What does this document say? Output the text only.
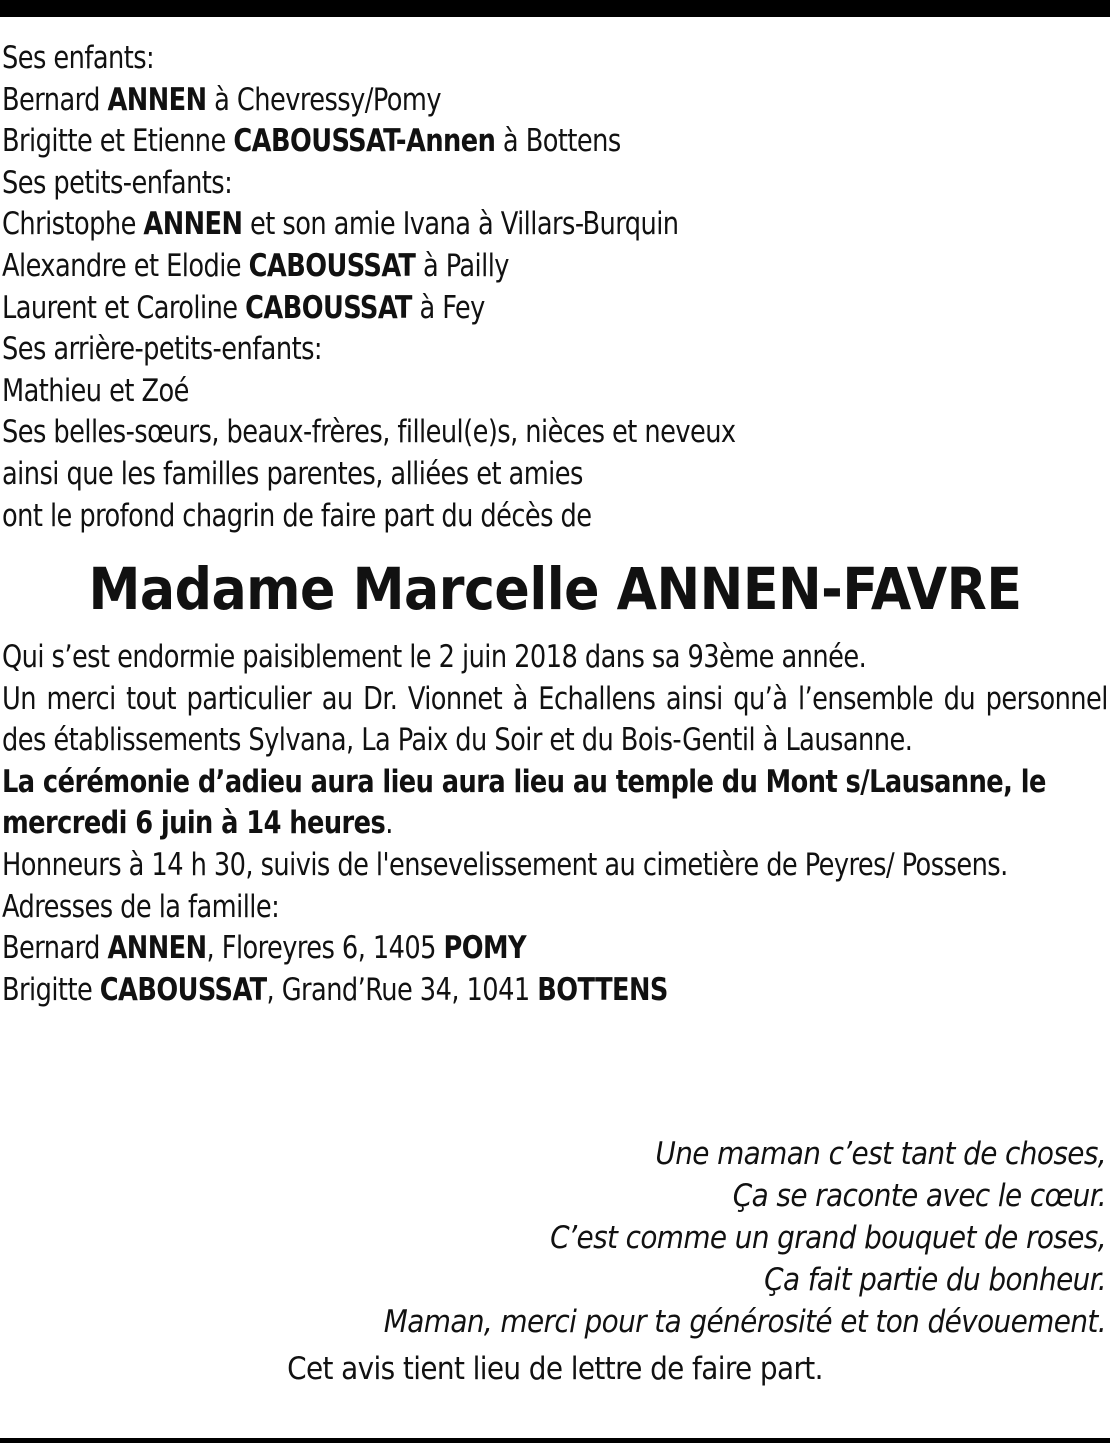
Ses enfants:
Bernard ANNEN à Chevressy/Pomy
Brigitte et Etienne CABOUSSAT-Annen à Bottens
Ses petits-enfants:
Christophe ANNEN et son amie Ivana à Villars-Burquin
Alexandre et Elodie CABOUSSAT à Pailly
Laurent et Caroline CABOUSSAT à Fey
Ses arrière-petits-enfants:
Mathieu et Zoé
Ses belles-sœurs, beaux-frères, filleul(e)s, nièces et neveux
ainsi que les familles parentes, alliées et amies
ont le profond chagrin de faire part du décès de
Madame Marcelle ANNEN-FAVRE
Qui s’est endormie paisiblement le 2 juin 2018 dans sa 93ème année.
Un merci tout particulier au Dr. Vionnet à Echallens ainsi qu’à l’ensemble du personnel des établissements Sylvana, La Paix du Soir et du Bois-Gentil à Lausanne.
La cérémonie d’adieu aura lieu aura lieu au temple du Mont s/Lausanne, le mercredi 6 juin à 14 heures.
Honneurs à 14 h 30, suivis de l'ensevelissement au cimetière de Peyres/ Possens.
Adresses de la famille:
Bernard ANNEN, Floreyres 6, 1405 POMY
Brigitte CABOUSSAT, Grand’Rue 34, 1041 BOTTENS
Une maman c’est tant de choses,
Ça se raconte avec le cœur.
C’est comme un grand bouquet de roses,
Ça fait partie du bonheur.
Maman, merci pour ta générosité et ton dévouement.
Cet avis tient lieu de lettre de faire part.
